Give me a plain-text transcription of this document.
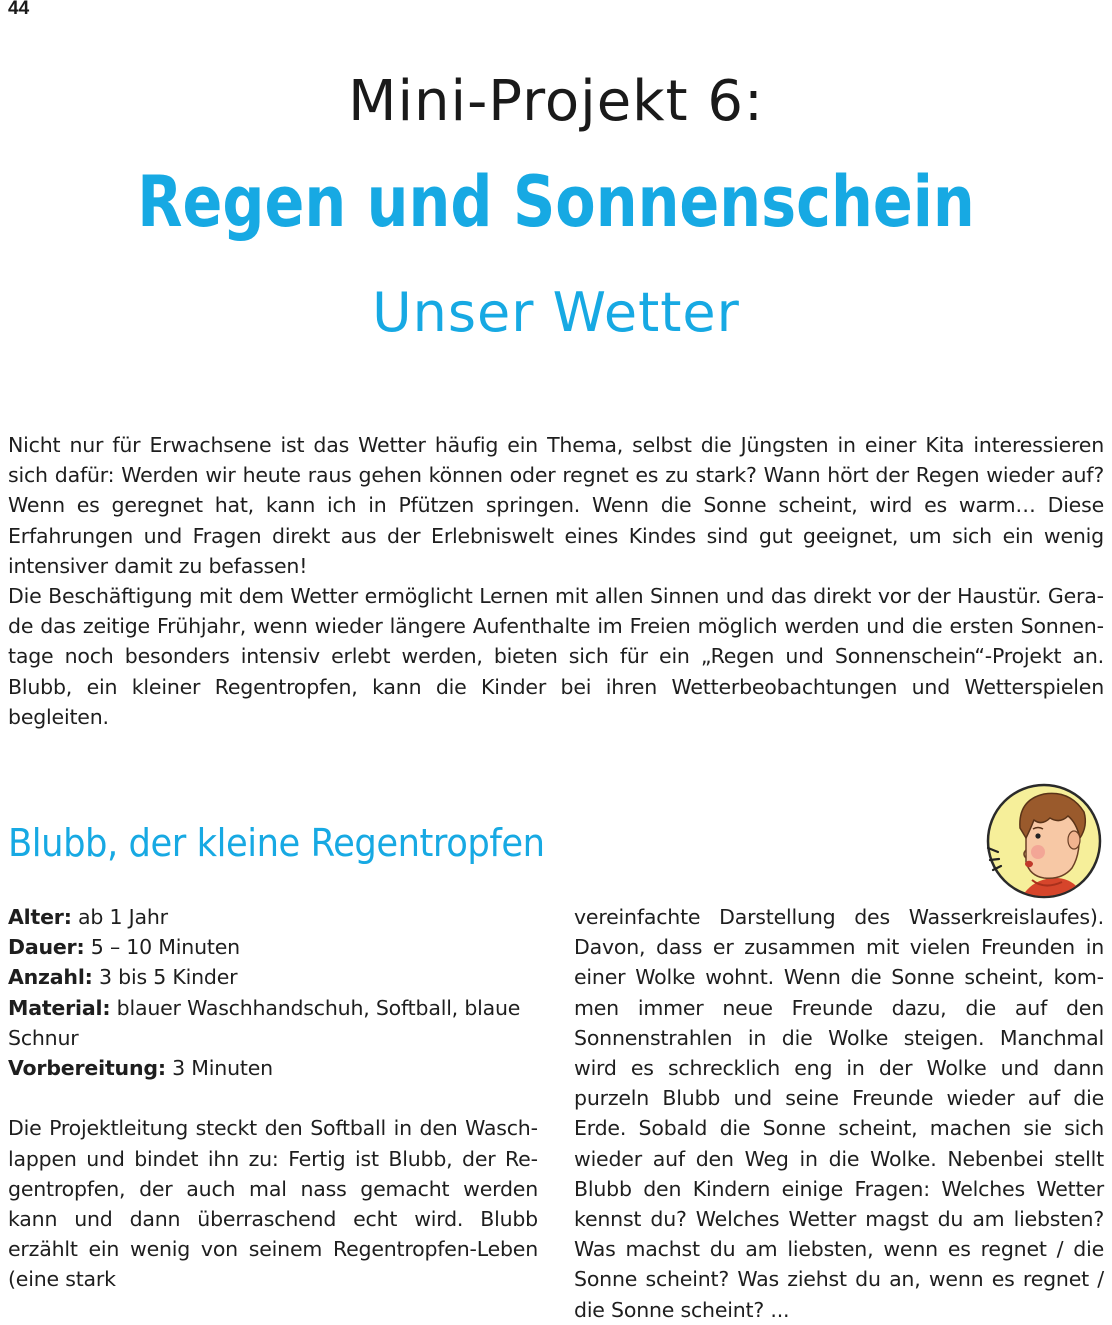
44
Mini-Projekt 6:
Regen und Sonnenschein
Unser Wetter

Nicht nur für Erwachsene ist das Wetter häufig ein Thema, selbst die Jüngsten in einer Kita interessieren sich dafür: Werden wir heute raus gehen können oder regnet es zu stark? Wann hört der Regen wieder auf? Wenn es geregnet hat, kann ich in Pfützen springen. Wenn die Sonne scheint, wird es warm… Diese Erfahrungen und Fragen direkt aus der Erlebniswelt eines Kindes sind gut geeignet, um sich ein wenig intensiver damit zu befassen!

Die Beschäftigung mit dem Wetter ermöglicht Lernen mit allen Sinnen und das direkt vor der Haustür. Gerade das zeitige Frühjahr, wenn wieder längere Aufenthalte im Freien möglich werden und die ersten Sonnentage noch besonders intensiv erlebt werden, bieten sich für ein „Regen und Sonnenschein“-Projekt an. Blubb, ein kleiner Regentropfen, kann die Kinder bei ihren Wetterbeobachtungen und Wetterspielen begleiten.

Blubb, der kleine Regentropfen

Alter: ab 1 Jahr

Dauer: 5 – 10 Minuten

Anzahl: 3 bis 5 Kinder

Material: blauer Waschhandschuh, Softball, blaue Schnur

Vorbereitung: 3 Minuten

Die Projektleitung steckt den Softball in den Waschlappen und bindet ihn zu: Fertig ist Blubb, der Regentropfen, der auch mal nass gemacht werden kann und dann überraschend echt wird. Blubb erzählt ein wenig von seinem Regentropfen-Leben (eine stark

vereinfachte Darstellung des Wasserkreislaufes). Davon, dass er zusammen mit vielen Freunden in einer Wolke wohnt. Wenn die Sonne scheint, kommen immer neue Freunde dazu, die auf den Sonnenstrahlen in die Wolke steigen. Manchmal wird es schrecklich eng in der Wolke und dann purzeln Blubb und seine Freunde wieder auf die Erde. Sobald die Sonne scheint, machen sie sich wieder auf den Weg in die Wolke. Nebenbei stellt Blubb den Kindern einige Fragen: Welches Wetter kennst du? Welches Wetter magst du am liebsten? Was machst du am liebsten, wenn es regnet / die Sonne scheint? Was ziehst du an, wenn es regnet / die Sonne scheint? ...
